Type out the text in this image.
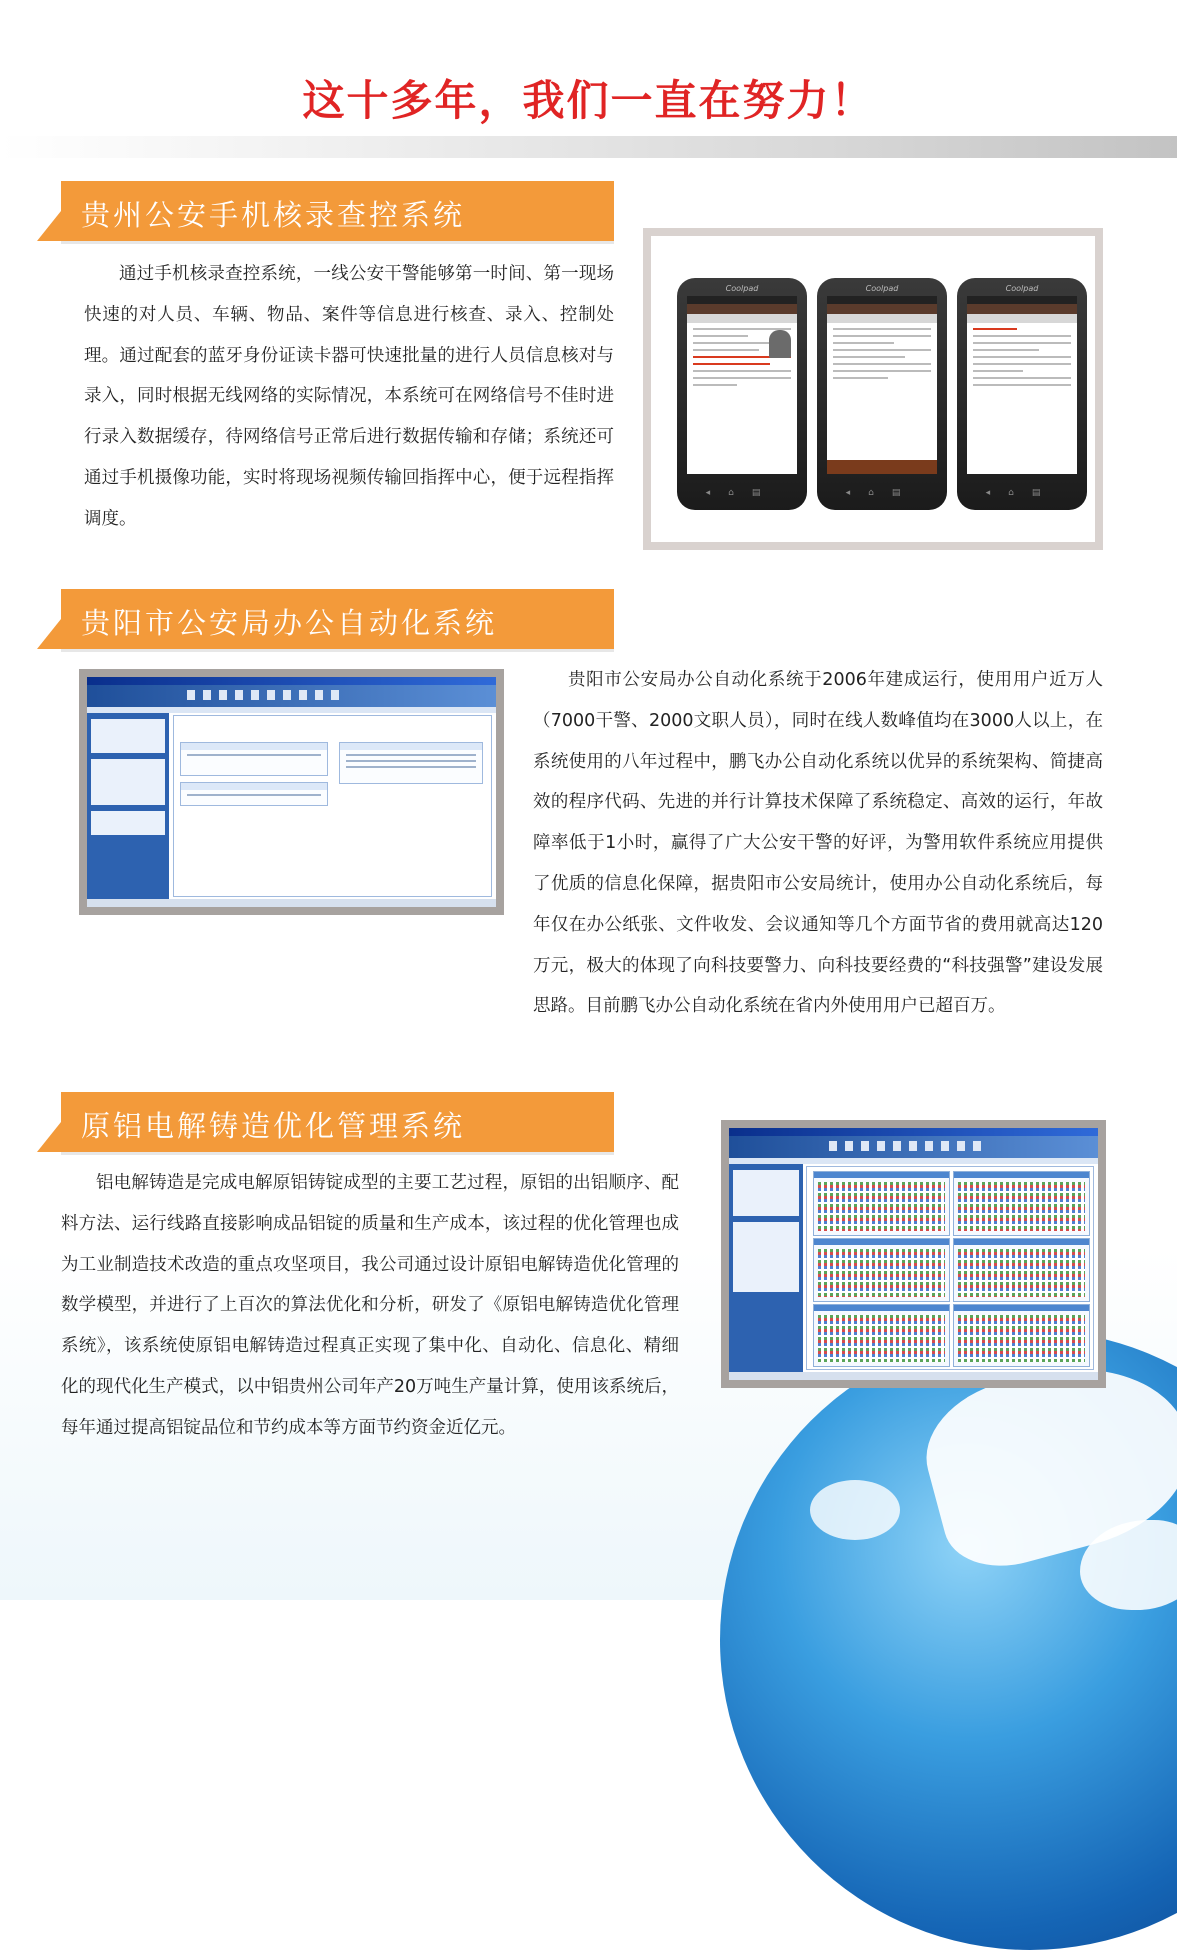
这十多年，我们一直在努力！
贵州公安手机核录查控系统

通过手机核录查控系统，一线公安干警能够第一时间、第一现场快速的对人员、车辆、物品、案件等信息进行核查、录入、控制处理。通过配套的蓝牙身份证读卡器可快速批量的进行人员信息核对与录入，同时根据无线网络的实际情况，本系统可在网络信号不佳时进行录入数据缓存，待网络信号正常后进行数据传输和存储；系统还可通过手机摄像功能，实时将现场视频传输回指挥中心，便于远程指挥调度。

Coolpad
◂⌂▤
Coolpad
◂⌂▤
Coolpad
◂⌂▤
贵阳市公安局办公自动化系统

贵阳市公安局办公自动化系统于2006年建成运行，使用用户近万人（7000干警、2000文职人员），同时在线人数峰值均在3000人以上，在系统使用的八年过程中，鹏飞办公自动化系统以优异的系统架构、简捷高效的程序代码、先进的并行计算技术保障了系统稳定、高效的运行，年故障率低于1小时，赢得了广大公安干警的好评，为警用软件系统应用提供了优质的信息化保障，据贵阳市公安局统计，使用办公自动化系统后，每年仅在办公纸张、文件收发、会议通知等几个方面节省的费用就高达120万元，极大的体现了向科技要警力、向科技要经费的“科技强警”建设发展思路。目前鹏飞办公自动化系统在省内外使用用户已超百万。

原铝电解铸造优化管理系统

铝电解铸造是完成电解原铝铸锭成型的主要工艺过程，原铝的出铝顺序、配料方法、运行线路直接影响成品铝锭的质量和生产成本，该过程的优化管理也成为工业制造技术改造的重点攻坚项目，我公司通过设计原铝电解铸造优化管理的数学模型，并进行了上百次的算法优化和分析，研发了《原铝电解铸造优化管理系统》，该系统使原铝电解铸造过程真正实现了集中化、自动化、信息化、精细化的现代化生产模式，以中铝贵州公司年产20万吨生产量计算，使用该系统后，每年通过提高铝锭品位和节约成本等方面节约资金近亿元。
